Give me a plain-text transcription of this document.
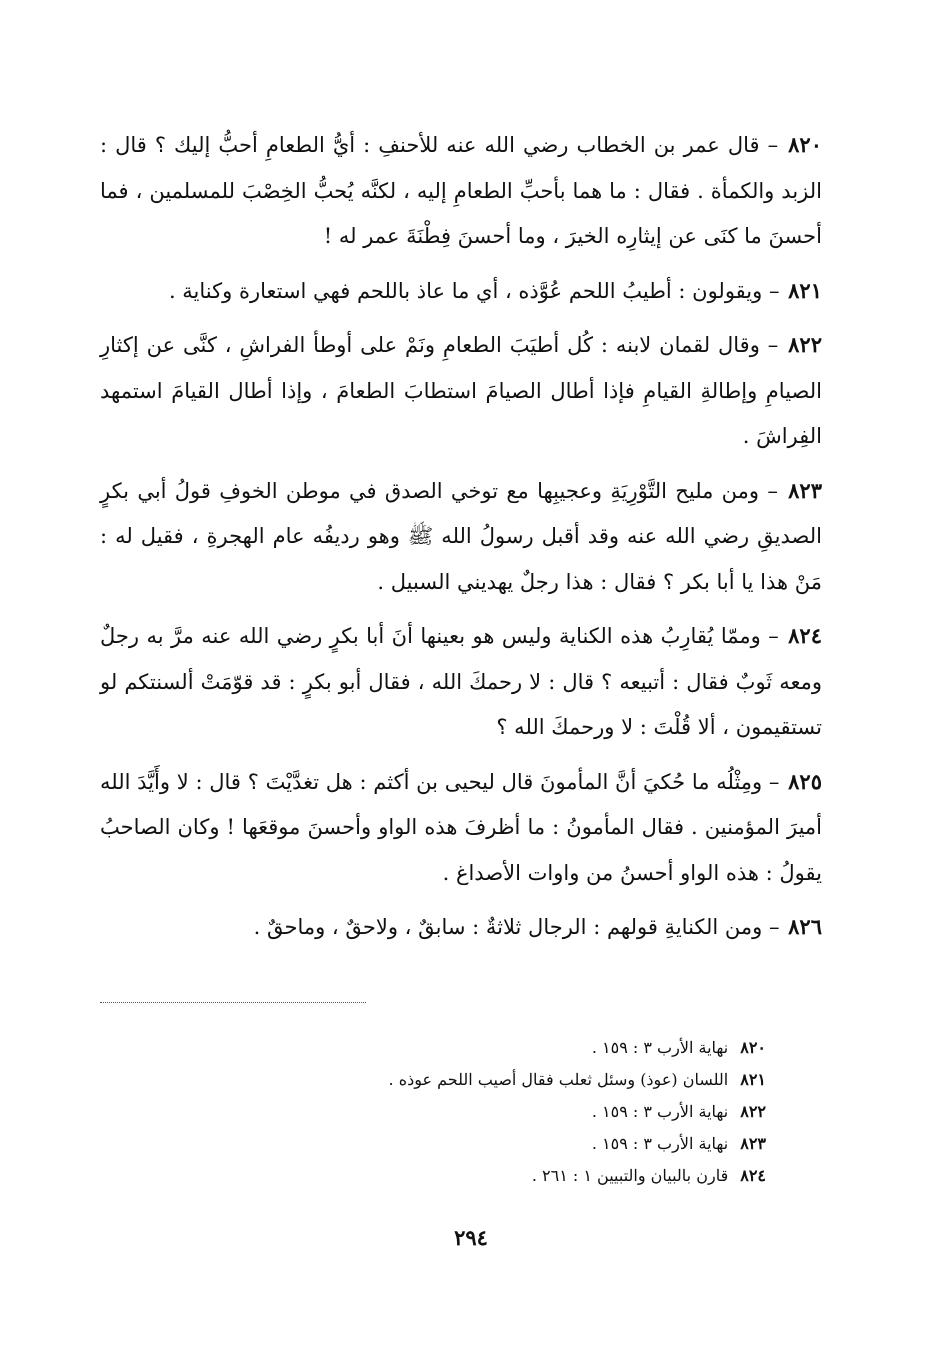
٨٢٠ – قال عمر بن الخطاب رضي الله عنه للأحنفِ : أيُّ الطعامِ أحبُّ إليك ؟ قال : الزبد والكمأة . فقال : ما هما بأحبِّ الطعامِ إليه ، لكنَّه يُحبُّ الخِصْبَ للمسلمين ، فما أحسنَ ما كنَى عن إيثارِه الخيرَ ، وما أحسنَ فِطْنَةَ عمر له !

٨٢١ – ويقولون : أطيبُ اللحم عُوَّذه ، أي ما عاذ باللحم فهي استعارة وكناية .

٨٢٢ – وقال لقمان لابنه : كُل أطيَبَ الطعامِ ونَمْ على أوطأ الفراشِ ، كنَّى عن إكثارِ الصيامِ وإطالةِ القيامِ فإذا أطال الصيامَ استطابَ الطعامَ ، وإذا أطال القيامَ استمهد الفِراشَ .

٨٢٣ – ومن مليح التَّوْرِيَةِ وعجيبِها مع توخي الصدق في موطن الخوفِ قولُ أبي بكرٍ الصديقِ رضي الله عنه وقد أقبل رسولُ الله ﷺ وهو رديفُه عام الهجرةِ ، فقيل له : مَنْ هذا يا أبا بكر ؟ فقال : هذا رجلٌ يهديني السبيل .

٨٢٤ – وممّا يُقارِبُ هذه الكناية وليس هو بعينها أنَ أبا بكرٍ رضي الله عنه مرَّ به رجلٌ ومعه ثَوبٌ فقال : أتبيعه ؟ قال : لا رحمكَ الله ، فقال أبو بكرٍ : قد قوّمَتْ ألسنتكم لو تستقيمون ، ألا قُلْتَ : لا ورحمكَ الله ؟

٨٢٥ – ومِثْلُه ما حُكيَ أنَّ المأمونَ قال ليحيى بن أكثم : هل تغدَّيْتَ ؟ قال : لا وأَيَّدَ الله أميرَ المؤمنين . فقال المأمونُ : ما أظرفَ هذه الواو وأحسنَ موقعَها ! وكان الصاحبُ يقولُ : هذه الواو أحسنُ من واوات الأصداغ .

٨٢٦ – ومن الكنايةِ قولهم : الرجال ثلاثةٌ : سابقٌ ، ولاحقٌ ، وماحقٌ .

٨٢٠نهاية الأرب ٣ : ١٥٩ .
٨٢١اللسان (عوذ) وسئل ثعلب فقال أصيب اللحم عوذه .
٨٢٢نهاية الأرب ٣ : ١٥٩ .
٨٢٣نهاية الأرب ٣ : ١٥٩ .
٨٢٤قارن بالبيان والتبيين ١ : ٢٦١ .
٢٩٤
